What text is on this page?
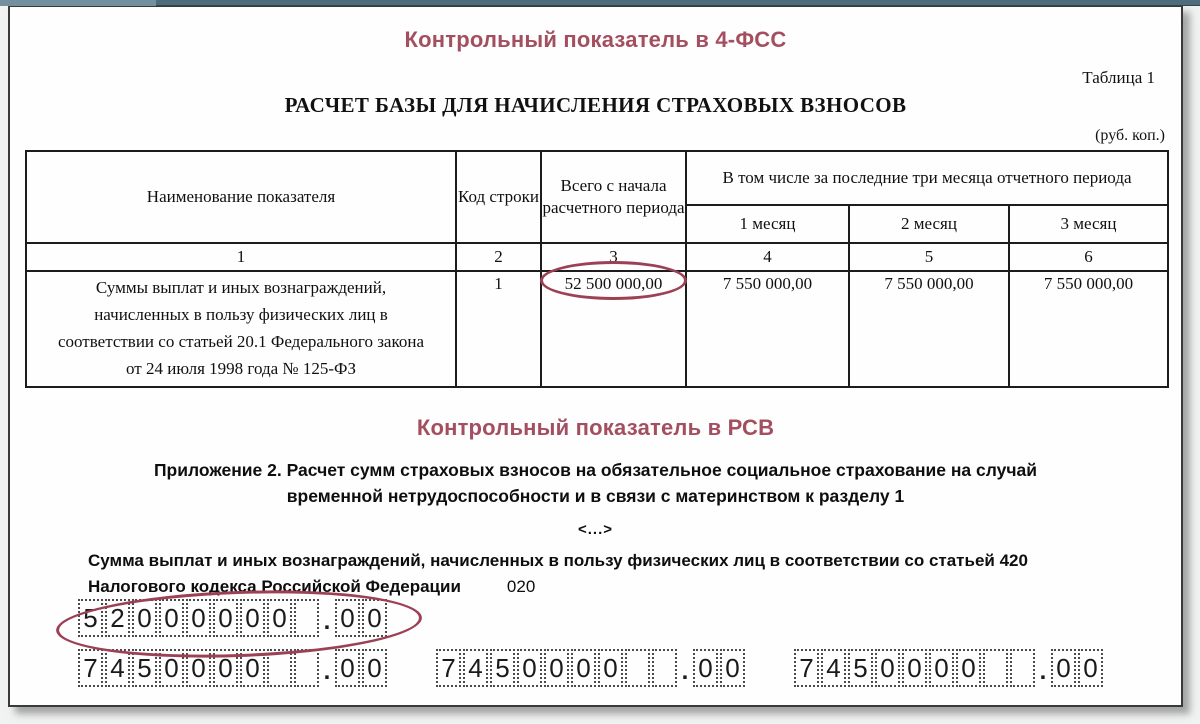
Контрольный показатель в 4-ФСС
Таблица 1
РАСЧЕТ БАЗЫ ДЛЯ НАЧИСЛЕНИЯ СТРАХОВЫХ ВЗНОСОВ
(руб. коп.)
Наименование показателя	Код строки	Всего с начала расчетного периода	В том числе за последние три месяца отчетного периода		
			1 месяц	2 месяц	3 месяц
1	2	3	4	5	6

Суммы выплат и иных вознаграждений,
начисленных в пользу физических лиц в
соответствии со статьей 20.1 Федерального закона
от 24 июля 1998 года № 125-ФЗ	1	52 500 000,00	7 550 000,00	7 550 000,00	7 550 000,00
Контрольный показатель в РСВ
Приложение 2. Расчет сумм страховых взносов на обязательное социальное страхование на случай
временной нетрудоспособности и в связи с материнством к разделу 1
<...>
Сумма выплат и иных вознаграждений, начисленных в пользу физических лиц в соответствии со статьей 420
Налогового кодекса Российской Федерации	020
5 2 0 0 0 0 0 0 . 0 0
7 4 5 0 0 0 0	. 0 0 7 4 5 0 0 0 0	. 0 0 7 4 5 0 0 0 0	. 0 0
